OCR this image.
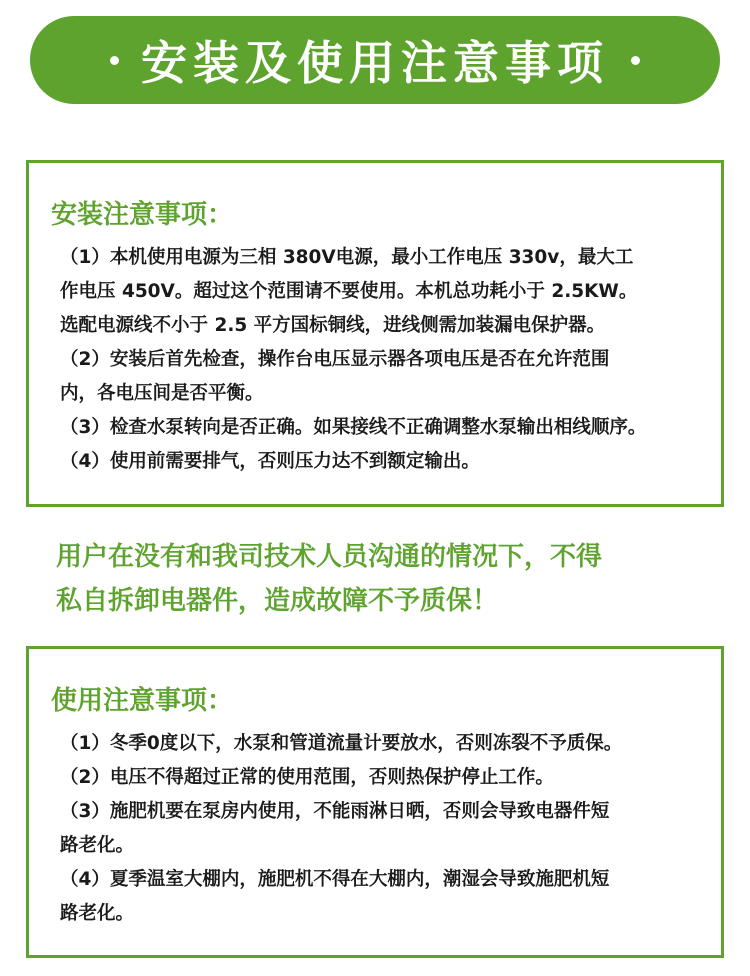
安装及使用注意事项
安装注意事项：

（1）本机使用电源为三相 380V电源，最小工作电压 330v，最大工

作电压 450V。超过这个范围请不要使用。本机总功耗小于 2.5KW。

选配电源线不小于 2.5 平方国标铜线，进线侧需加装漏电保护器。

（2）安装后首先检查，操作台电压显示器各项电压是否在允许范围

内，各电压间是否平衡。

（3）检查水泵转向是否正确。如果接线不正确调整水泵输出相线顺序。

（4）使用前需要排气，否则压力达不到额定输出。

用户在没有和我司技术人员沟通的情况下，不得

私自拆卸电器件，造成故障不予质保！

使用注意事项：

（1）冬季0度以下，水泵和管道流量计要放水，否则冻裂不予质保。

（2）电压不得超过正常的使用范围，否则热保护停止工作。

（3）施肥机要在泵房内使用，不能雨淋日晒，否则会导致电器件短

路老化。

（4）夏季温室大棚内，施肥机不得在大棚内，潮湿会导致施肥机短

路老化。
